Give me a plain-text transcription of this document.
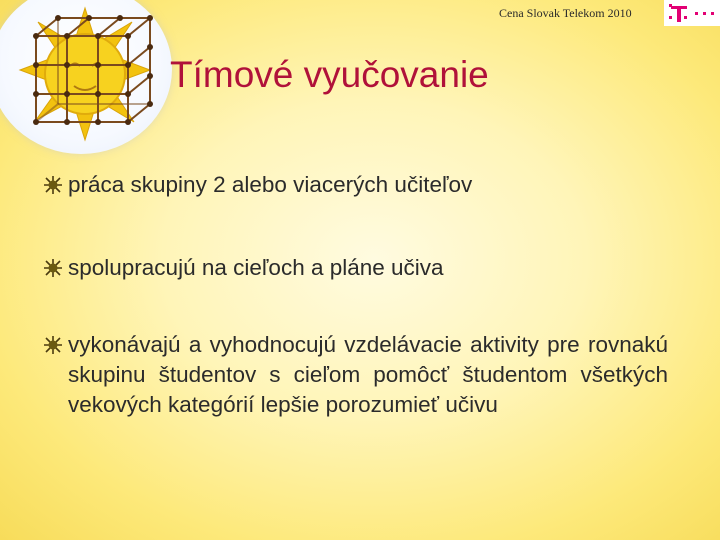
Cena Slovak Telekom 2010
Tímové vyučovanie
práca skupiny 2 alebo viacerých učiteľov
spolupracujú na cieľoch a pláne učiva
vykonávajú a vyhodnocujú vzdelávacie aktivity pre rovnakú skupinu študentov s cieľom pomôcť študentom všetkých vekových kategórií lepšie porozumieť učivu
